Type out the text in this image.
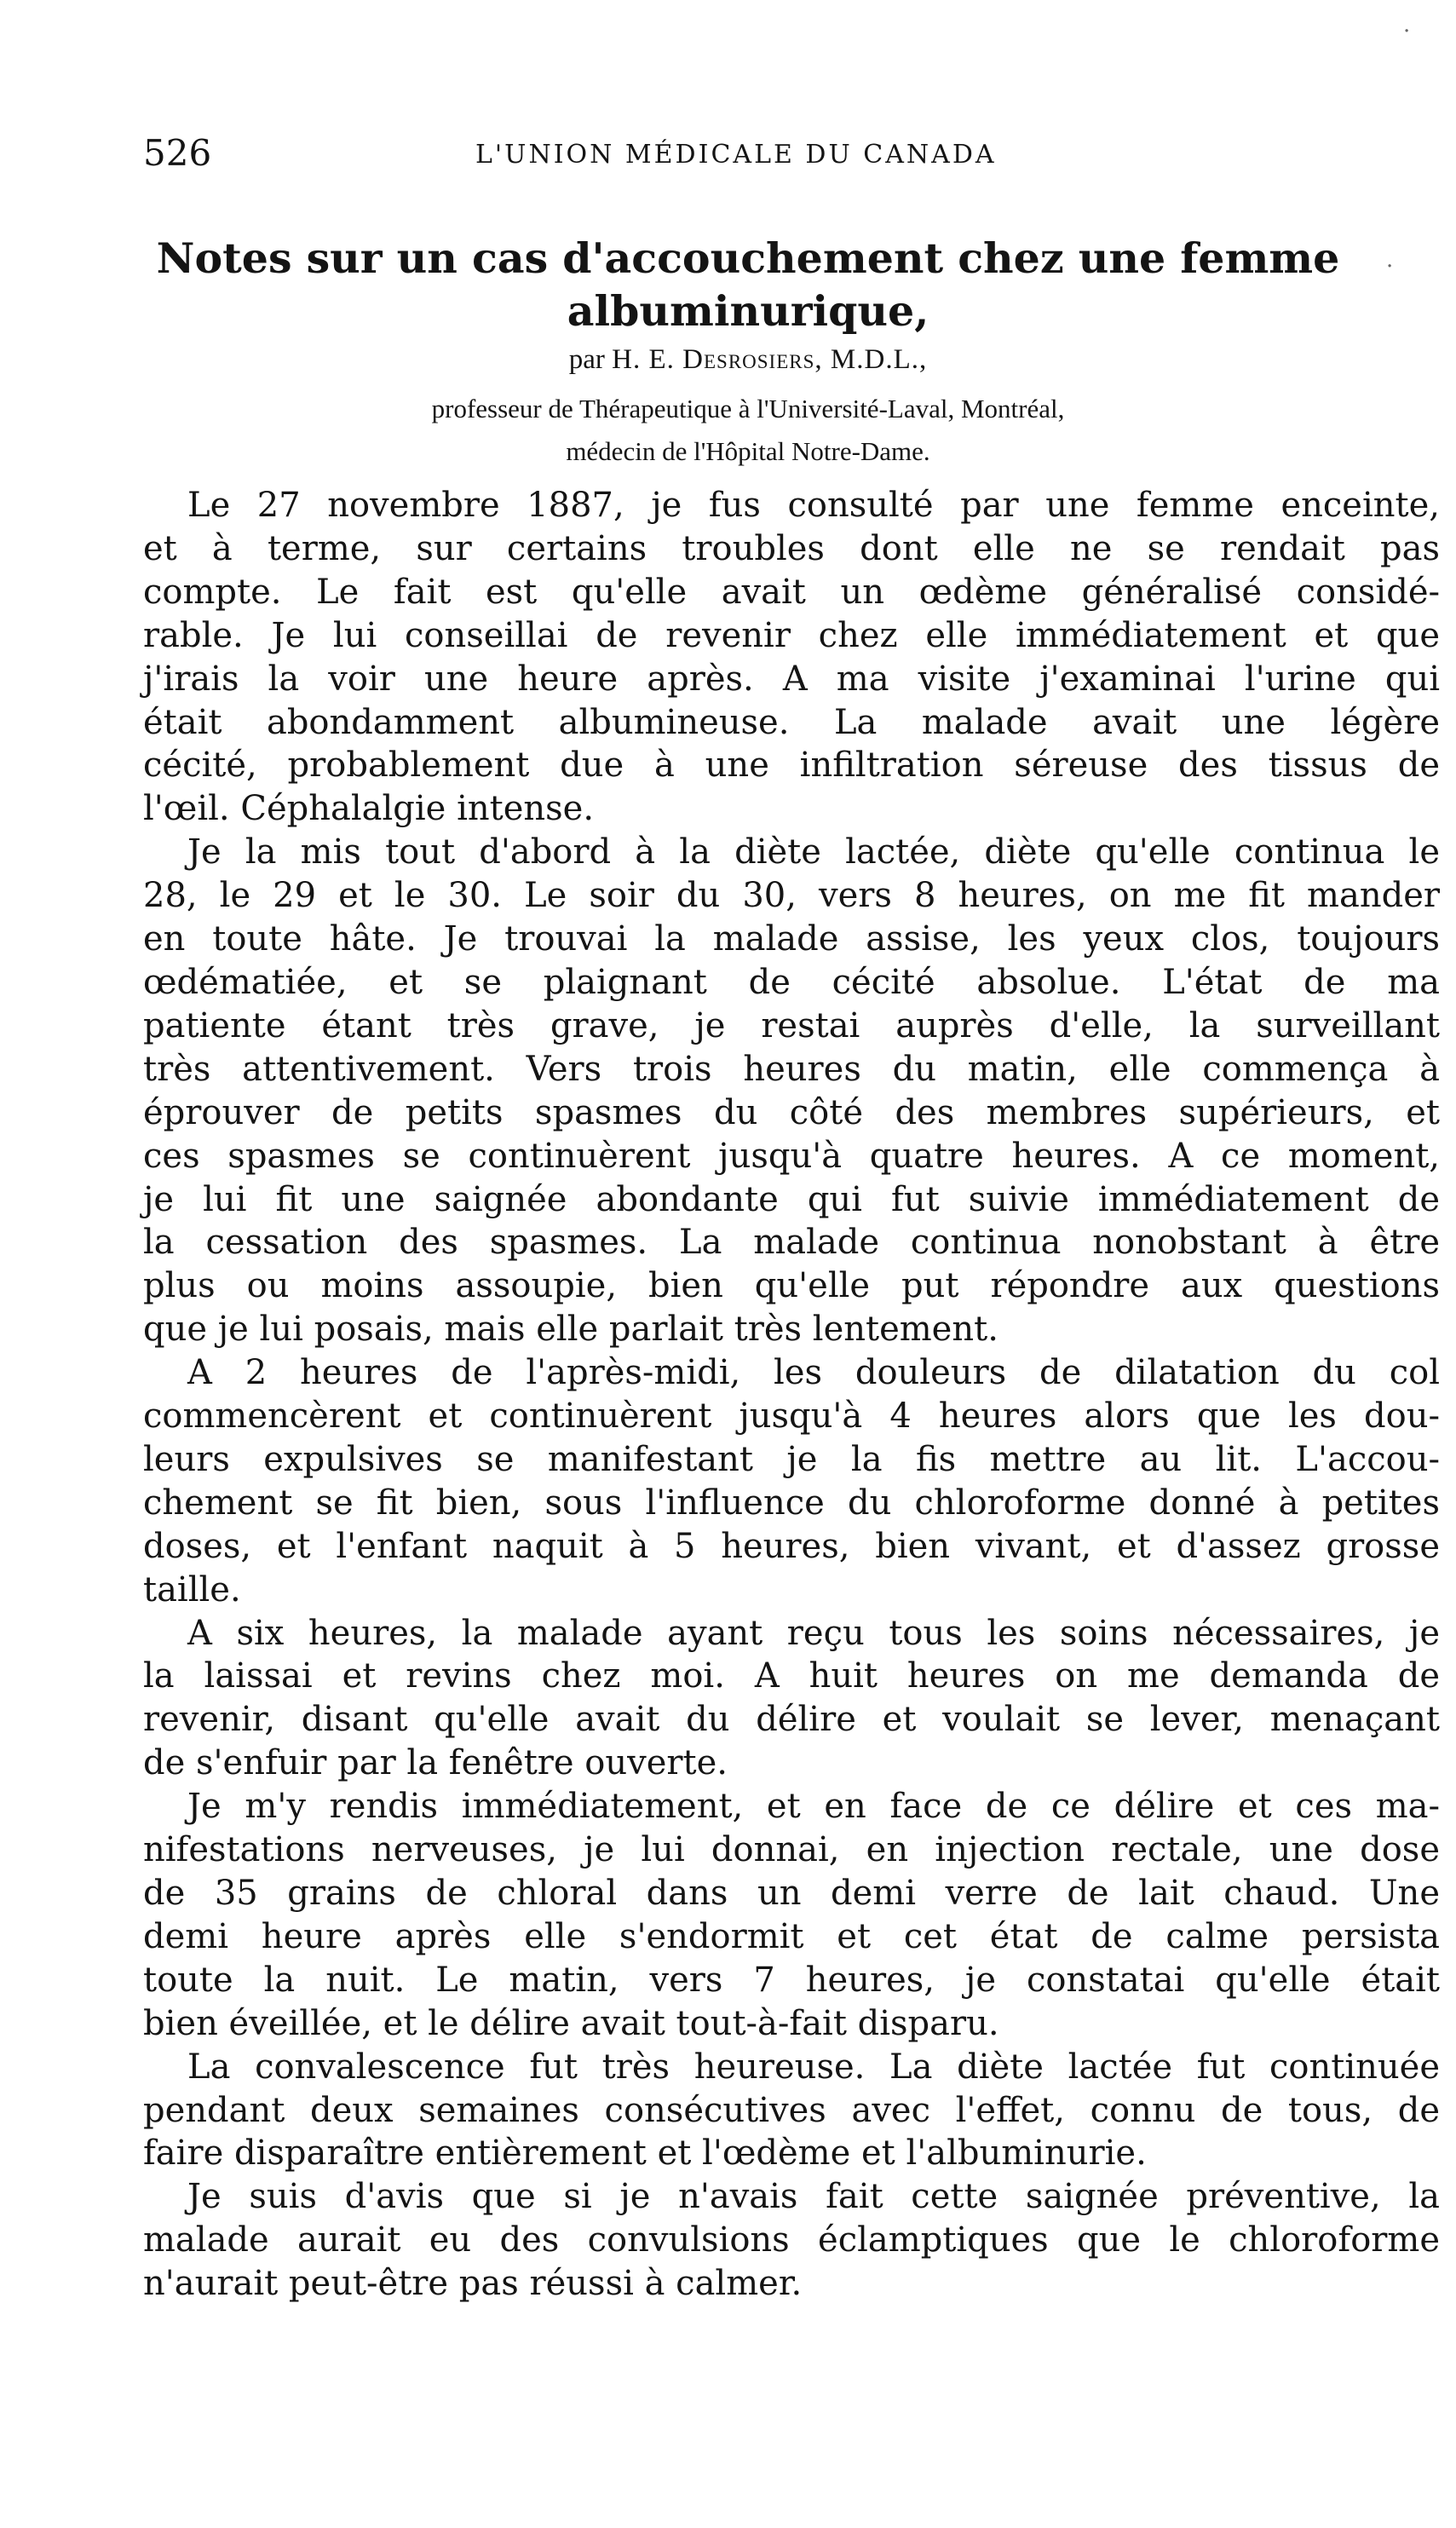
·
·
526	L'UNION MÉDICALE DU CANADA
Notes sur un cas d'accouchement chez une femme
albuminurique,
par H. E. Desrosiers, M.D.L.,
professeur de Thérapeutique à l'Université-Laval, Montréal,
médecin de l'Hôpital Notre-Dame.

Le 27 novembre 1887, je fus consulté par une femme enceinte,
et à terme, sur certains troubles dont elle ne se rendait pas
compte. Le fait est qu'elle avait un œdème généralisé considé-
rable. Je lui conseillai de revenir chez elle immédiatement et que
j'irais la voir une heure après. A ma visite j'examinai l'urine qui
était abondamment albumineuse. La malade avait une légère
cécité, probablement due à une infiltration séreuse des tissus de
l'œil. Céphalalgie intense.

Je la mis tout d'abord à la diète lactée, diète qu'elle continua le
28, le 29 et le 30. Le soir du 30, vers 8 heures, on me fit mander
en toute hâte. Je trouvai la malade assise, les yeux clos, toujours
œdématiée, et se plaignant de cécité absolue. L'état de ma
patiente étant très grave, je restai auprès d'elle, la surveillant
très attentivement. Vers trois heures du matin, elle commença à
éprouver de petits spasmes du côté des membres supérieurs, et
ces spasmes se continuèrent jusqu'à quatre heures. A ce moment,
je lui fit une saignée abondante qui fut suivie immédiatement de
la cessation des spasmes. La malade continua nonobstant à être
plus ou moins assoupie, bien qu'elle put répondre aux questions
que je lui posais, mais elle parlait très lentement.

A 2 heures de l'après-midi, les douleurs de dilatation du col
commencèrent et continuèrent jusqu'à 4 heures alors que les dou-
leurs expulsives se manifestant je la fis mettre au lit. L'accou-
chement se fit bien, sous l'influence du chloroforme donné à petites
doses, et l'enfant naquit à 5 heures, bien vivant, et d'assez grosse
taille.

A six heures, la malade ayant reçu tous les soins nécessaires, je
la laissai et revins chez moi. A huit heures on me demanda de
revenir, disant qu'elle avait du délire et voulait se lever, menaçant
de s'enfuir par la fenêtre ouverte.

Je m'y rendis immédiatement, et en face de ce délire et ces ma-
nifestations nerveuses, je lui donnai, en injection rectale, une dose
de 35 grains de chloral dans un demi verre de lait chaud. Une
demi heure après elle s'endormit et cet état de calme persista
toute la nuit. Le matin, vers 7 heures, je constatai qu'elle était
bien éveillée, et le délire avait tout-à-fait disparu.

La convalescence fut très heureuse. La diète lactée fut continuée
pendant deux semaines consécutives avec l'effet, connu de tous, de
faire disparaître entièrement et l'œdème et l'albuminurie.

Je suis d'avis que si je n'avais fait cette saignée préventive, la
malade aurait eu des convulsions éclamptiques que le chloroforme
n'aurait peut-être pas réussi à calmer.
